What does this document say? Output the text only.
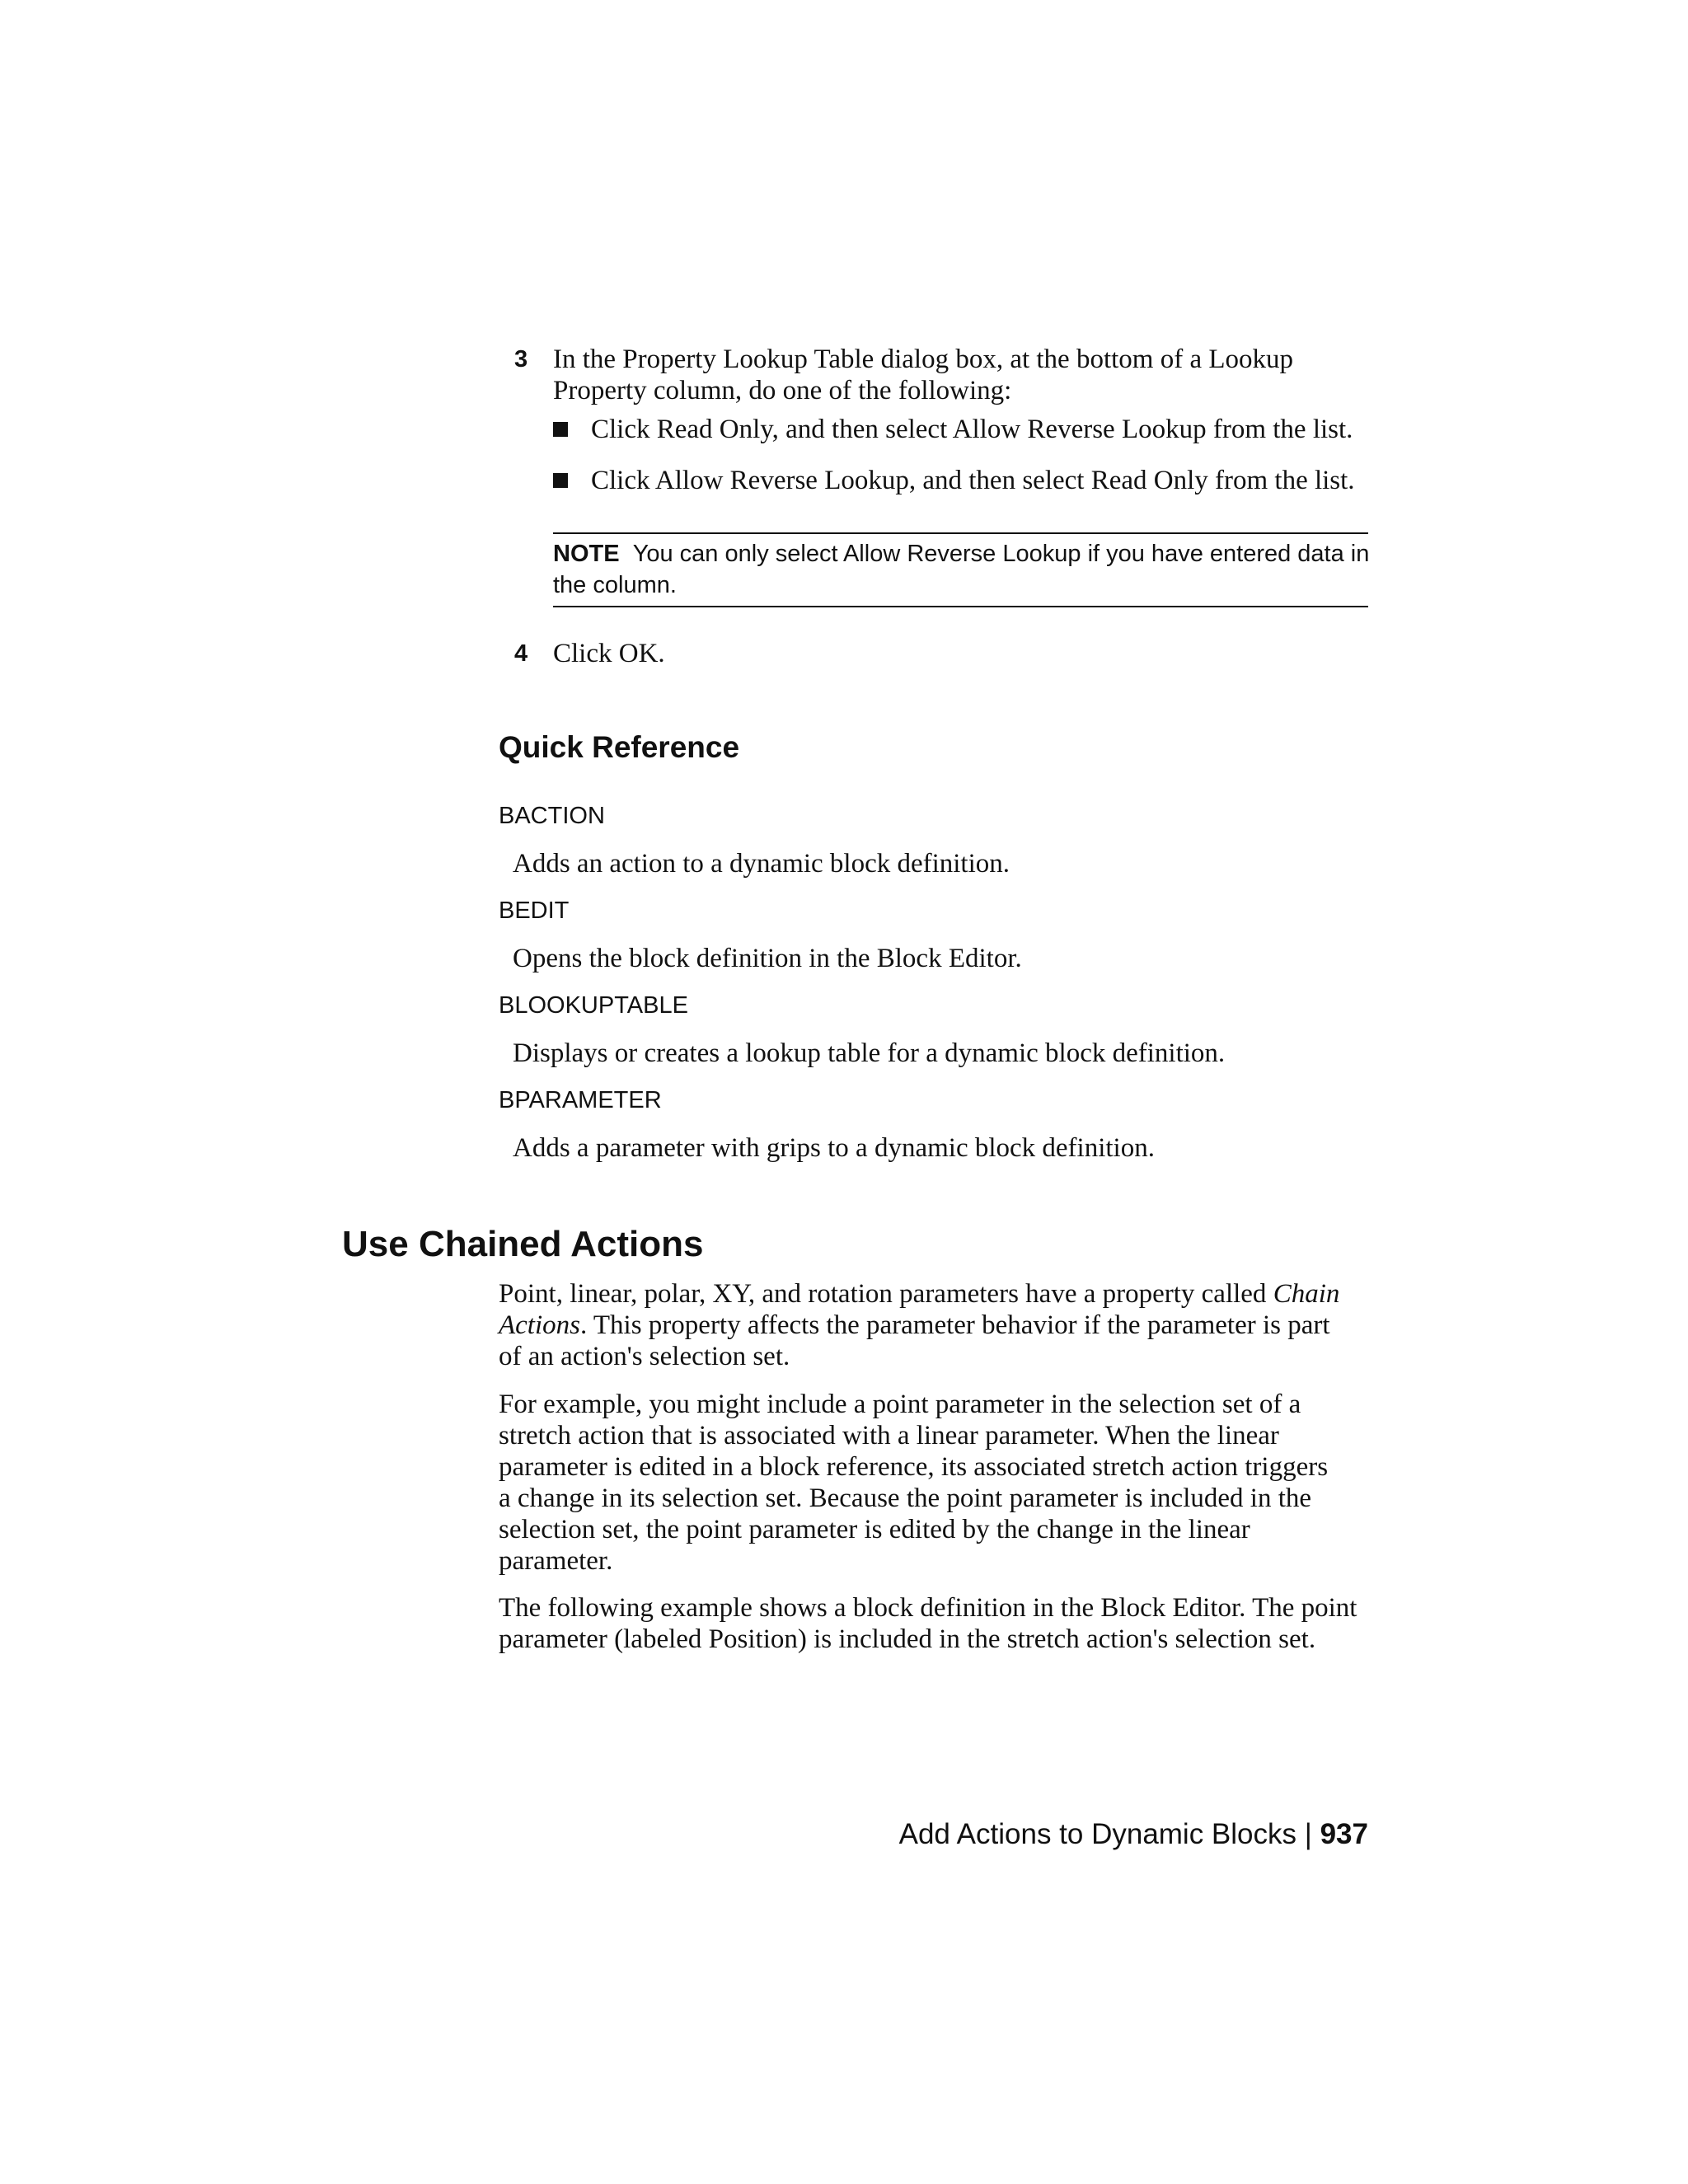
3 In the Property Lookup Table dialog box, at the bottom of a Lookup

Property column, do one of the following:

Click Read Only, and then select Allow Reverse Lookup from the list.
Click Allow Reverse Lookup, and then select Read Only from the list.

NOTE You can only select Allow Reverse Lookup if you have entered data in

the column.

4 Click OK.
Quick Reference
BACTION
Adds an action to a dynamic block definition.
BEDIT
Opens the block definition in the Block Editor.
BLOOKUPTABLE
Displays or creates a lookup table for a dynamic block definition.
BPARAMETER
Adds a parameter with grips to a dynamic block definition.
Use Chained Actions

Point, linear, polar, XY, and rotation parameters have a property called Chain

Actions. This property affects the parameter behavior if the parameter is part

of an action's selection set.

For example, you might include a point parameter in the selection set of a

stretch action that is associated with a linear parameter. When the linear

parameter is edited in a block reference, its associated stretch action triggers

a change in its selection set. Because the point parameter is included in the

selection set, the point parameter is edited by the change in the linear

parameter.

The following example shows a block definition in the Block Editor. The point

parameter (labeled Position) is included in the stretch action's selection set.

Add Actions to Dynamic Blocks | 937
